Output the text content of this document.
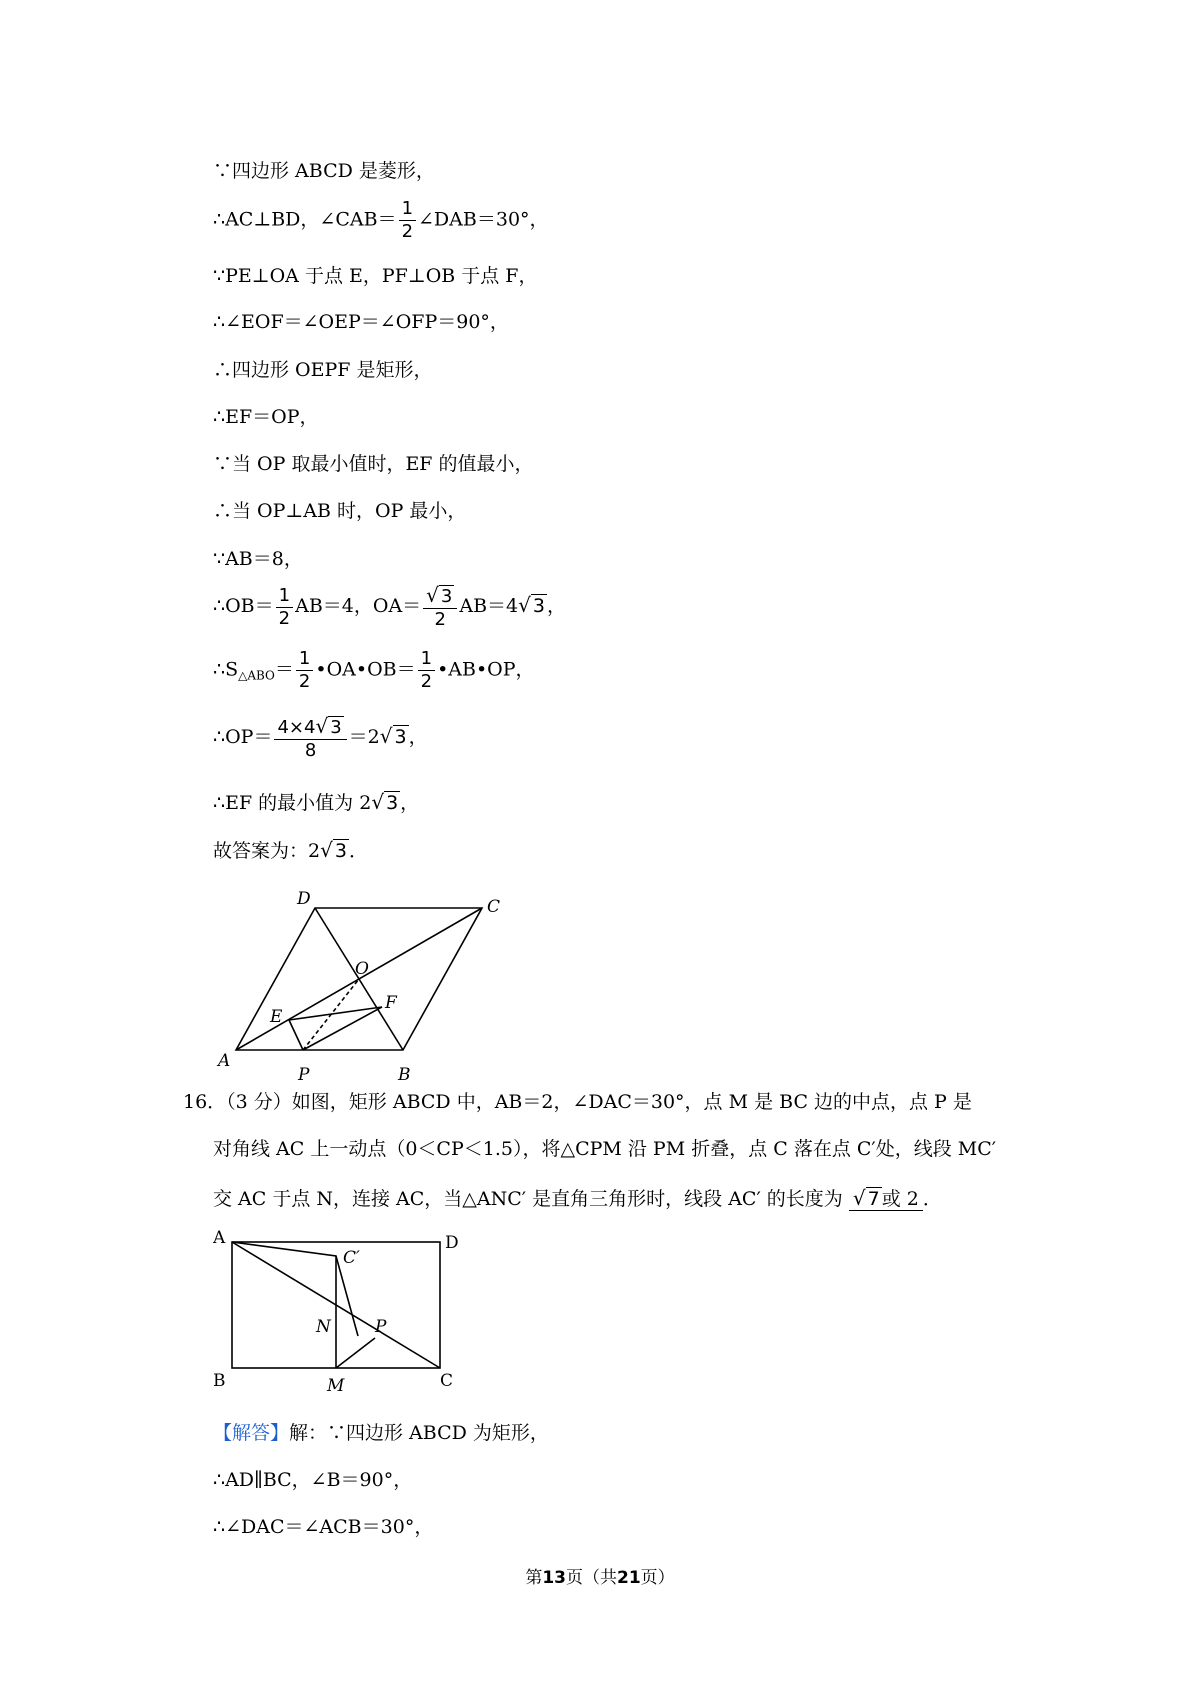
∵四边形 ABCD 是菱形，
∴AC⊥BD，∠CAB＝ $\frac{1}{2}$ ∠DAB＝30°，
∵PE⊥OA 于点 E，PF⊥OB 于点 F，
∴∠EOF＝∠OEP＝∠OFP＝90°，
∴四边形 OEPF 是矩形，
∴EF＝OP，
∵当 OP 取最小值时，EF 的值最小，
∴当 OP⊥AB 时，OP 最小，
∵AB＝8，
∴OB＝ $\frac{1}{2} AB=4$，$OA= \frac{√ 3}{2} AB=4√$ 3 ，
$\therefore S_{\triangle ABO}= \frac{1}{2}$ •OA•OB＝ $\frac{1}{2}$ •AB•OP，
∴OP＝ $\frac{4\times 4√ 3}{8} =2√$ 3 ，
∴EF 的最小值为 2√ 3 ，
故答案为：2√ 3 ．
A
P	B
D	C
O
E
F
16．（3 分）如图，矩形 ABCD 中，AB＝2，∠DAC＝30°，点 M 是 BC 边的中点，点 P 是
对角线 AC 上一动点（0＜CP＜1.5），将△CPM 沿 PM 折叠，点 C 落在点 C′处，线段 MC′
交 AC 于点 N，连接 AC，当△ANC′ 是直角三角形时，线段 AC′ 的长度为 √ 7 或 2 ．
A	D
B	C
C′
N	P
M
【解答】解：∵四边形 ABCD 为矩形，
∴AD∥BC，∠B＝90°，
∴∠DAC＝∠ACB＝30°，
第13页（共21页）
